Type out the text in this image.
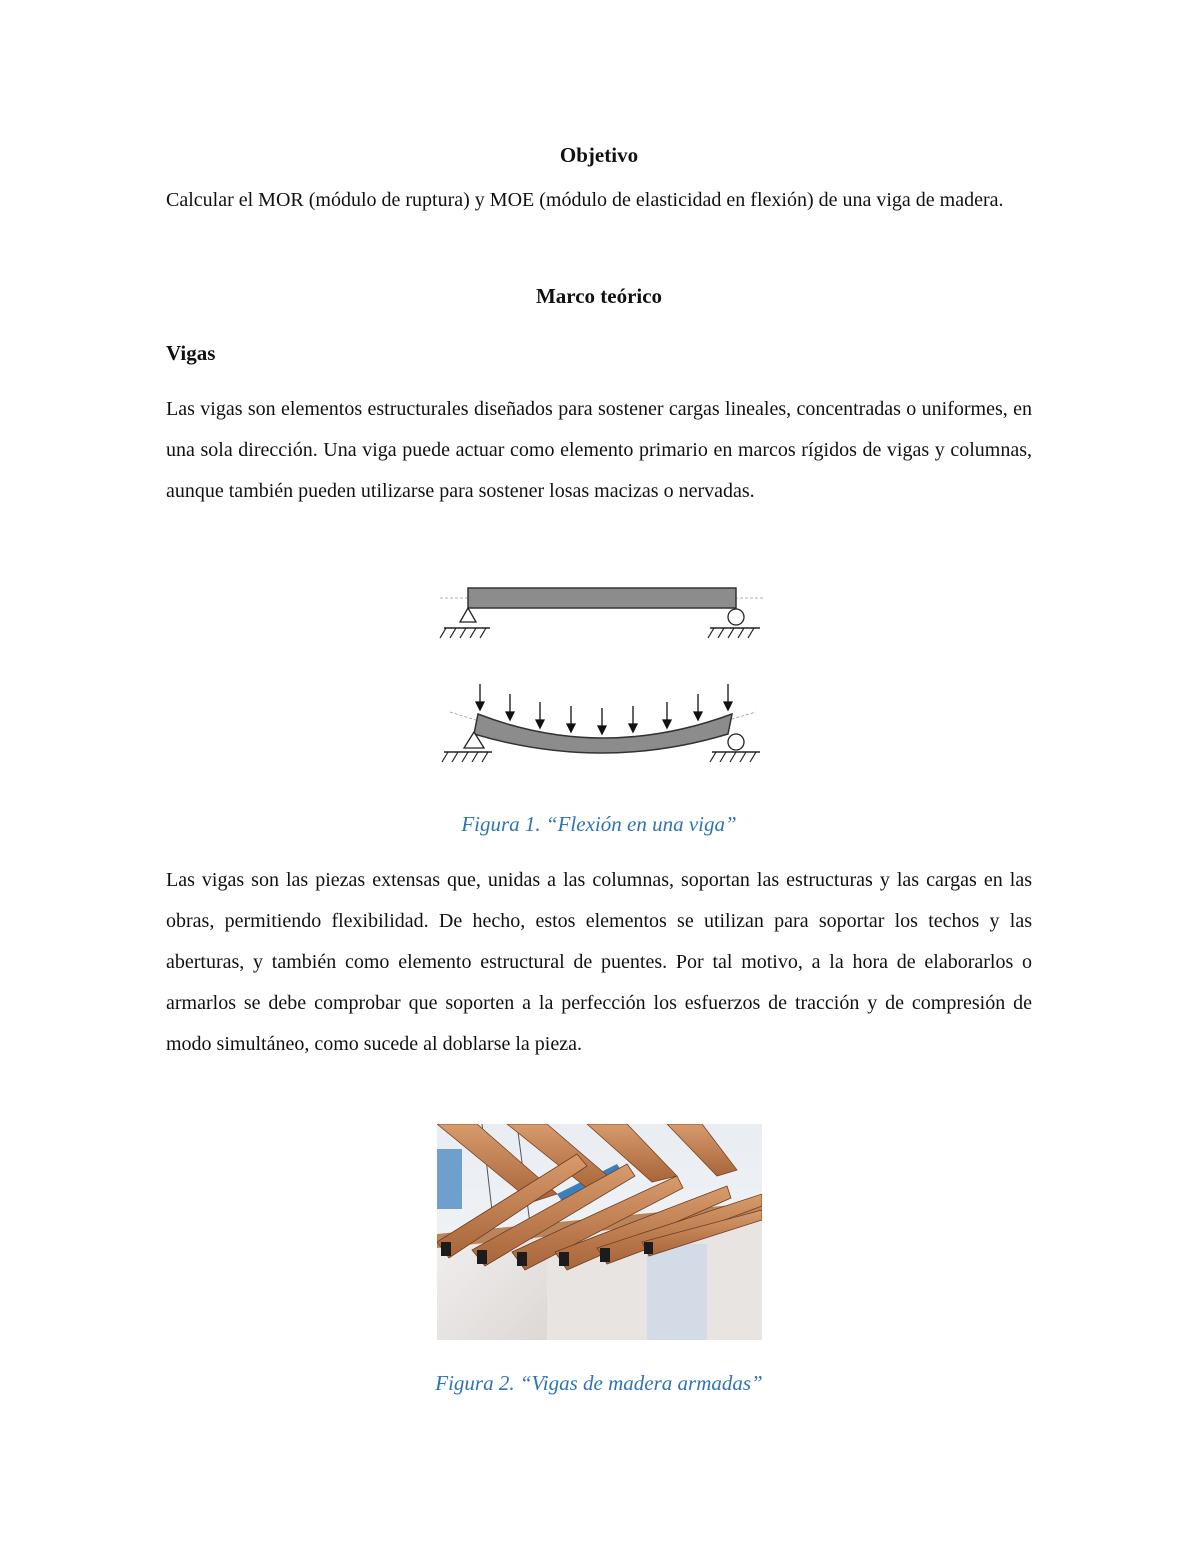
Objetivo

Calcular el MOR (módulo de ruptura) y MOE (módulo de elasticidad en flexión) de una viga de madera.

Marco teórico
Vigas

Las vigas son elementos estructurales diseñados para sostener cargas lineales, concentradas o uniformes, en una sola dirección. Una viga puede actuar como elemento primario en marcos rígidos de vigas y columnas, aunque también pueden utilizarse para sostener losas macizas o nervadas.

Figura 1. “Flexión en una viga”

Las vigas son las piezas extensas que, unidas a las columnas, soportan las estructuras y las cargas en las obras, permitiendo flexibilidad. De hecho, estos elementos se utilizan para soportar los techos y las aberturas, y también como elemento estructural de puentes. Por tal motivo, a la hora de elaborarlos o armarlos se debe comprobar que soporten a la perfección los esfuerzos de tracción y de compresión de modo simultáneo, como sucede al doblarse la pieza.

Figura 2. “Vigas de madera armadas”
